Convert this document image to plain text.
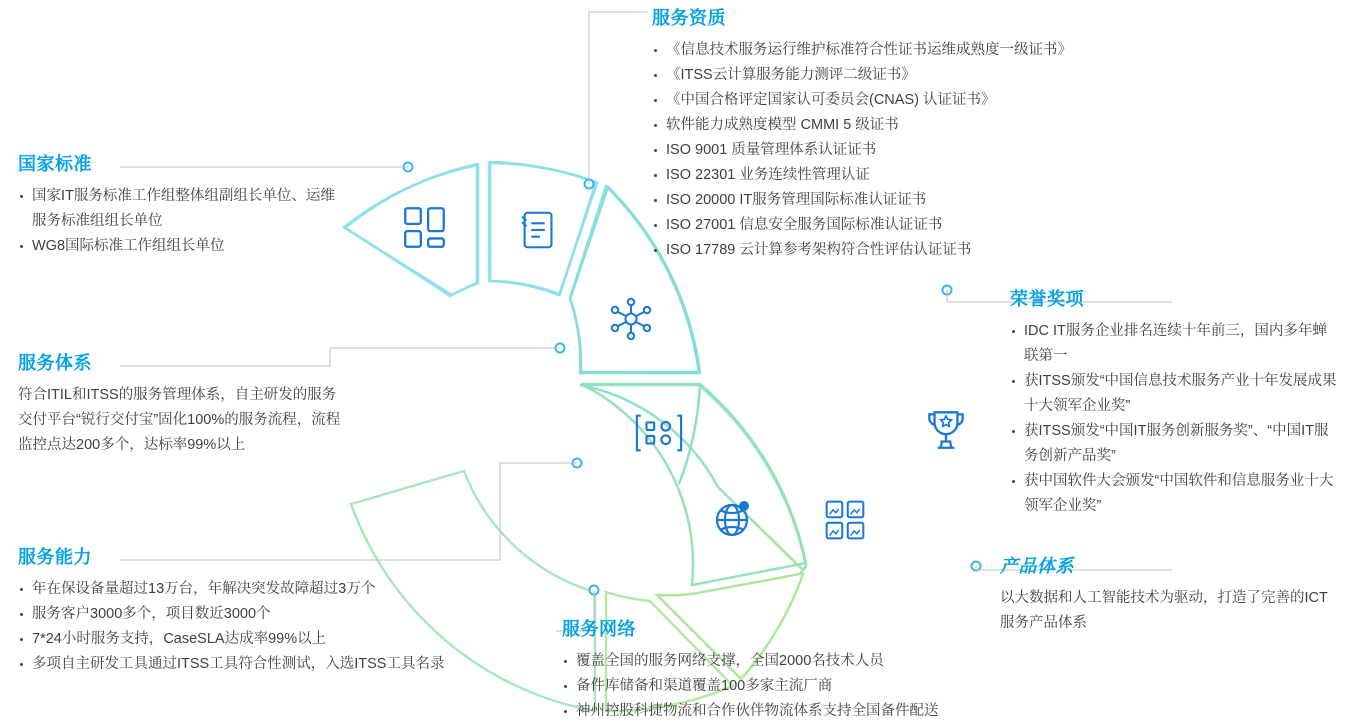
服务资质
《信息技术服务运行维护标准符合性证书运维成熟度一级证书》
《ITSS云计算服务能力测评二级证书》
《中国合格评定国家认可委员会(CNAS) 认证证书》
软件能力成熟度模型 CMMI 5 级证书
ISO 9001 质量管理体系认证证书
ISO 22301 业务连续性管理认证
ISO 20000 IT服务管理国际标准认证证书
ISO 27001 信息安全服务国际标准认证证书
ISO 17789 云计算参考架构符合性评估认证证书
国家标准
国家IT服务标准工作组整体组副组长单位、运维服务标准组组长单位
WG8国际标准工作组组长单位
服务体系

符合ITIL和ITSS的服务管理体系，自主研发的服务交付平台“锐行交付宝”固化100%的服务流程，流程监控点达200多个，达标率99%以上

服务能力
年在保设备量超过13万台，年解决突发故障超过3万个
服务客户3000多个，项目数近3000个
7*24小时服务支持，CaseSLA达成率99%以上
多项自主研发工具通过ITSS工具符合性测试，入选ITSS工具名录
荣誉奖项
IDC IT服务企业排名连续十年前三，国内多年蝉联第一
获ITSS颁发“中国信息技术服务产业十年发展成果十大领军企业奖”
获ITSS颁发“中国IT服务创新服务奖”、“中国IT服务创新产品奖”
获中国软件大会颁发“中国软件和信息服务业十大领军企业奖”
产品体系

以大数据和人工智能技术为驱动，打造了完善的ICT服务产品体系

服务网络
覆盖全国的服务网络支撑，全国2000名技术人员
备件库储备和渠道覆盖100多家主流厂商
神州控股科捷物流和合作伙伴物流体系支持全国备件配送
